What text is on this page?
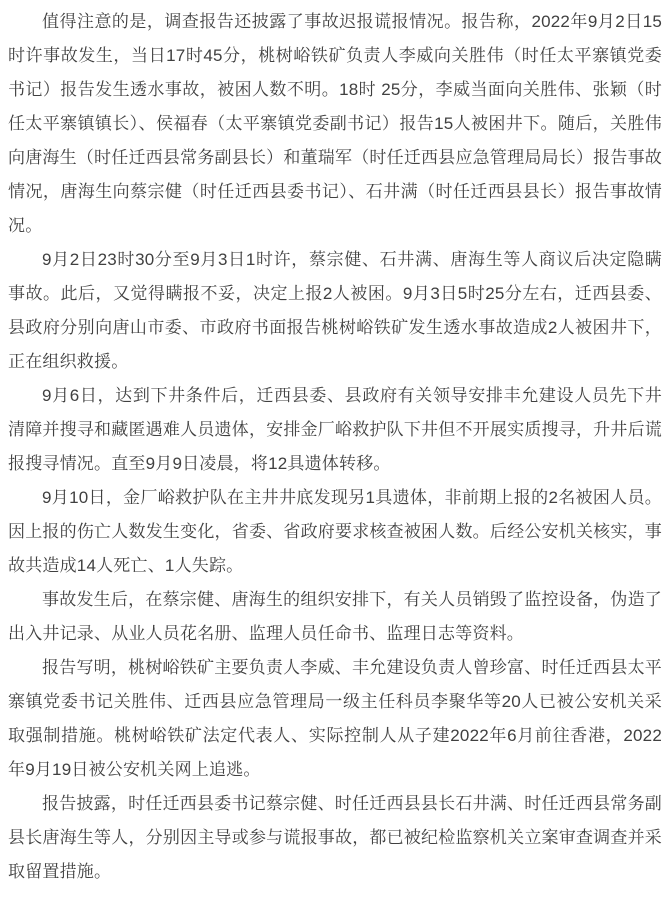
值得注意的是，调查报告还披露了事故迟报谎报情况。报告称，2022年9月2日15时许事故发生，当日17时45分，桃树峪铁矿负责人李威向关胜伟（时任太平寨镇党委书记）报告发生透水事故，被困人数不明。18时 25分，李威当面向关胜伟、张颖（时任太平寨镇镇长）、侯福春（太平寨镇党委副书记）报告15人被困井下。随后，关胜伟向唐海生（时任迁西县常务副县长）和董瑞军（时任迁西县应急管理局局长）报告事故情况，唐海生向蔡宗健（时任迁西县委书记）、石井满（时任迁西县县长）报告事故情况。

9月2日23时30分至9月3日1时许，蔡宗健、石井满、唐海生等人商议后决定隐瞒事故。此后，又觉得瞒报不妥，决定上报2人被困。9月3日5时25分左右，迁西县委、县政府分别向唐山市委、市政府书面报告桃树峪铁矿发生透水事故造成2人被困井下，正在组织救援。

9月6日，达到下井条件后，迁西县委、县政府有关领导安排丰允建设人员先下井清障并搜寻和藏匿遇难人员遗体，安排金厂峪救护队下井但不开展实质搜寻，升井后谎报搜寻情况。直至9月9日凌晨，将12具遗体转移。

9月10日，金厂峪救护队在主井井底发现另1具遗体，非前期上报的2名被困人员。因上报的伤亡人数发生变化，省委、省政府要求核查被困人数。后经公安机关核实，事故共造成14人死亡、1人失踪。

事故发生后，在蔡宗健、唐海生的组织安排下，有关人员销毁了监控设备，伪造了出入井记录、从业人员花名册、监理人员任命书、监理日志等资料。

报告写明，桃树峪铁矿主要负责人李威、丰允建设负责人曾珍富、时任迁西县太平寨镇党委书记关胜伟、迁西县应急管理局一级主任科员李聚华等20人已被公安机关采取强制措施。桃树峪铁矿法定代表人、实际控制人从子建2022年6月前往香港，2022年9月19日被公安机关网上追逃。

报告披露，时任迁西县委书记蔡宗健、时任迁西县县长石井满、时任迁西县常务副县长唐海生等人，分别因主导或参与谎报事故，都已被纪检监察机关立案审查调查并采取留置措施。
